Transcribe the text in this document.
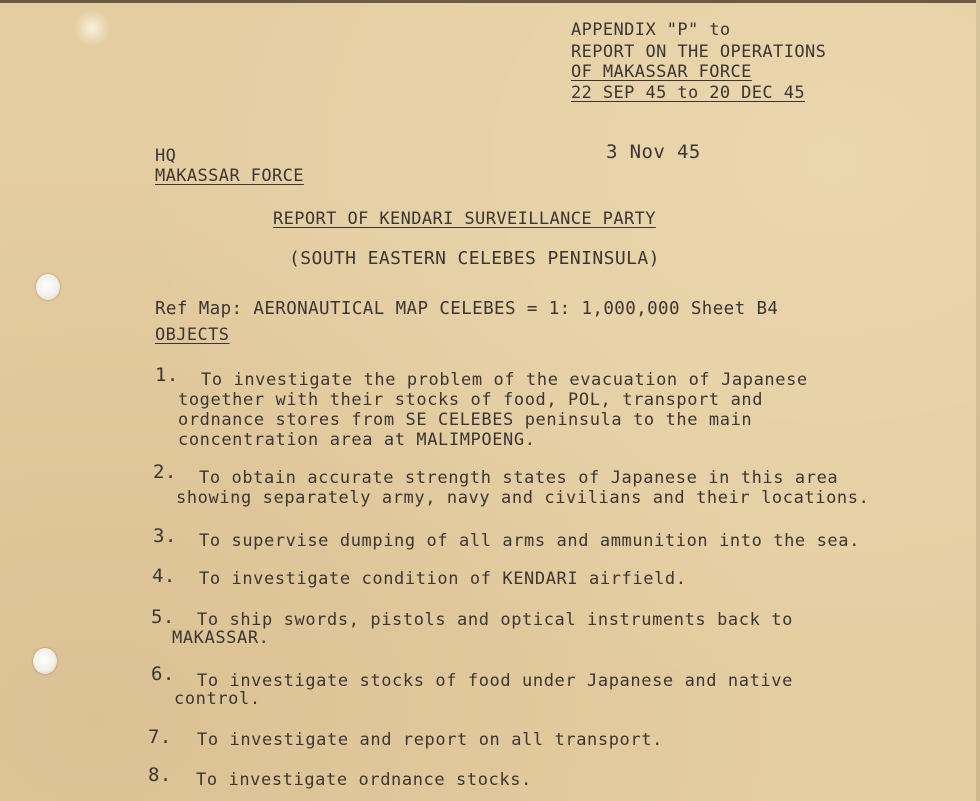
APPENDIX "P" to
REPORT ON THE OPERATIONS
OF MAKASSAR FORCE
22 SEP 45 to 20 DEC 45
HQ
MAKASSAR FORCE
3 Nov 45
REPORT OF KENDARI SURVEILLANCE PARTY
(SOUTH EASTERN CELEBES PENINSULA)
Ref Map: AERONAUTICAL MAP CELEBES = 1: 1,000,000 Sheet B4
OBJECTS
1. To investigate the problem of the evacuation of Japanese
together with their stocks of food, POL, transport and
ordnance stores from SE CELEBES peninsula to the main
concentration area at MALIMPOENG.
2. To obtain accurate strength states of Japanese in this area
showing separately army, navy and civilians and their locations.
3. To supervise dumping of all arms and ammunition into the sea.
4. To investigate condition of KENDARI airfield.
5. To ship swords, pistols and optical instruments back to
MAKASSAR.
6. To investigate stocks of food under Japanese and native
control.
7. To investigate and report on all transport.
8. To investigate ordnance stocks.
